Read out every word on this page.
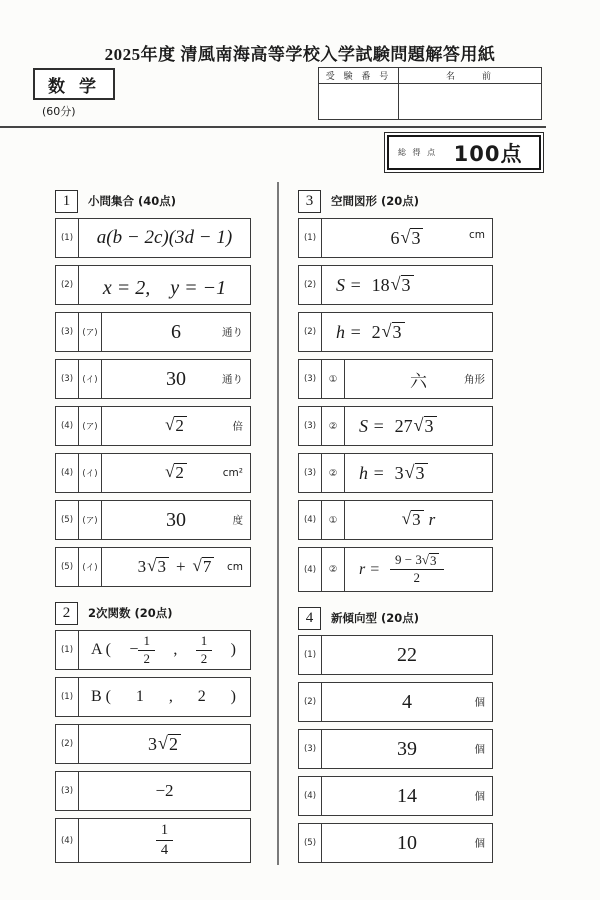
2025年度 清風南海高等学校入学試験問題解答用紙
数 学
(60分)
受 験 番 号	名　　前
総 得 点 100点
1	小問集合 (40点)
(1)	a(b − 2c)(3d − 1)
(2) x = 2,　y = −1
(3)	(ア)	6	通り
(3)	(イ)	30	通り
(4)	(ア)	√ 2	倍
(4)	(イ)	√ 2	cm²
(5)	(ア)	30	度
(5)	(イ) 3 √ 3 + √ 7 cm
2	2次関数 (20点)
(1)	A ( − $\frac{1}{2}$ , $\frac{1}{2}$ )
(1)	B ( 1 , 2 )
(2)	3 √ 2
(3)	−2
(4)	$\frac{1}{4}$
3	空間図形 (20点)
(1)	6 √ 3	cm
(2)	S = 18 √ 3
(2)	h = 2 √ 3
(3)	①	六	角形
(3)	②	S = 27 √ 3
(3)	②	h = 3 √ 3
(4)	①	√ 3 r
(4)	②	$r = \frac{9 - 3 √ 3}{2}$
4	新傾向型 (20点)
(1)	22
(2)	4	個
(3)	39	個
(4)	14	個
(5)	10	個
